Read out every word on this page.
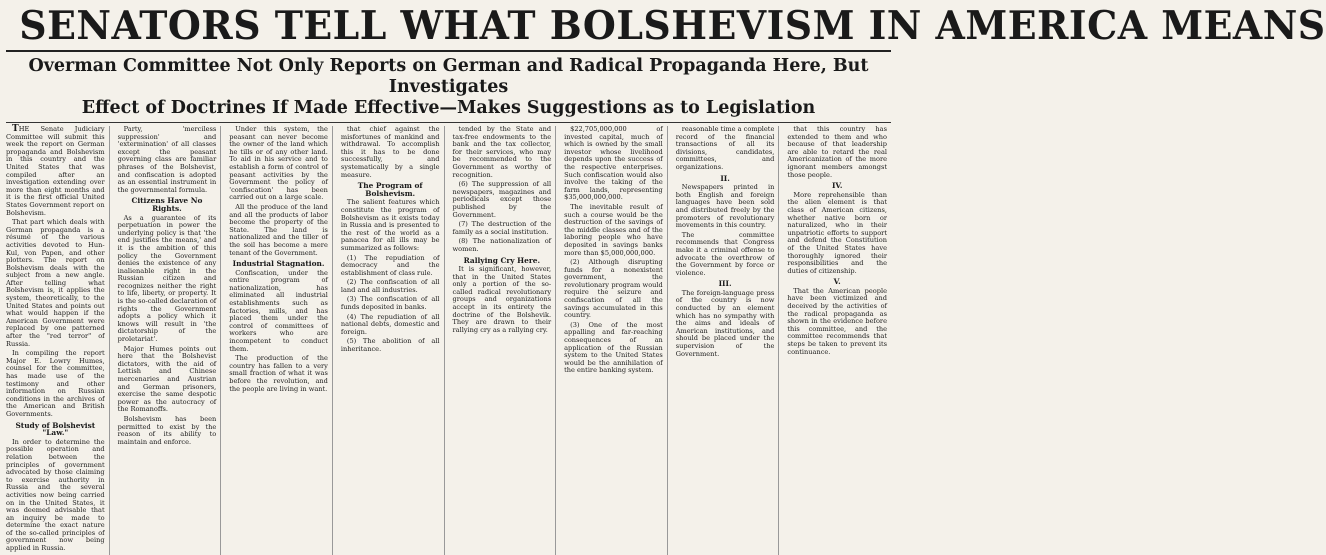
SENATORS TELL WHAT BOLSHEVISM IN AMERICA MEANS
Overman Committee Not Only Reports on German and Radical Propaganda Here, But Investigates
Effect of Doctrines If Made Effective—Makes Suggestions as to Legislation

THE Senate Judiciary Committee will submit this week the report on German propaganda and Bolshevism in this country and the United States that was compiled after an investigation extending over more than eight months and it is the first official United States Government report on Bolshevism.

That part which deals with German propaganda is a résumé of the various activities devoted to Hun-Kul, von Papen, and other plotters. The report on Bolshevism deals with the subject from a new angle. After telling what Bolshevism is, it applies the system, theoretically, to the United States and points out what would happen if the American Government were replaced by one patterned after the "red terror" of Russia.

In compiling the report Major E. Lowry Humes, counsel for the committee, has made use of the testimony and other information on Russian conditions in the archives of the American and British Governments.

Study of Bolshevist "Law."

In order to determine the possible operation and relation between the principles of government advocated by those claiming to exercise authority in Russia and the several activities now being carried on in the United States, it was deemed advisable that an inquiry be made to determine the exact nature of the so-called principles of government now being applied in Russia.

Party, 'merciless suppression' and 'extermination' of all classes except the peasant governing class are familiar phrases of the Bolshevist, and confiscation is adopted as an essential instrument in the governmental formula.

Citizens Have No Rights.

As a guarantee of its perpetuation in power the underlying policy is that 'the end justifies the means,' and it is the ambition of this policy the Government denies the existence of any inalienable right in the Russian citizen and recognizes neither the right to life, liberty, or property. It is the so-called declaration of rights the Government adopts a policy which it knows will result in 'the dictatorship of the proletariat'.

Major Humes points out here that the Bolshevist dictators, with the aid of Lettish and Chinese mercenaries and Austrian and German prisoners, exercise the same despotic power as the autocracy of the Romanoffs.

Bolshevism has been permitted to exist by the reason of its ability to maintain and enforce.

Under this system, the peasant can never become the owner of the land which he tills or of any other land. To aid in his service and to establish a form of control of peasant activities by the Government the policy of 'confiscation' has been carried out on a large scale.

All the produce of the land and all the products of labor become the property of the State. The land is nationalized and the tiller of the soil has become a mere tenant of the Government.

Industrial Stagnation.

Confiscation, under the entire program of nationalization, has eliminated all industrial establishments such as factories, mills, and has placed them under the control of committees of workers who are incompetent to conduct them.

The production of the country has fallen to a very small fraction of what it was before the revolution, and the people are living in want.

that chief against the misfortunes of mankind and withdrawal. To accomplish this it has to be done successfully, and systematically by a single measure.

The Program of Bolshevism.

The salient features which constitute the program of Bolshevism as it exists today in Russia and is presented to the rest of the world as a panacea for all ills may be summarized as follows:

(1) The repudiation of democracy and the establishment of class rule.

(2) The confiscation of all land and all industries.

(3) The confiscation of all funds deposited in banks.

(4) The repudiation of all national debts, domestic and foreign.

(5) The abolition of all inheritance.

tended by the State and tax-free endowments to the bank and the tax collector, for their services, who may be recommended to the Government as worthy of recognition.

(6) The suppression of all newspapers, magazines and periodicals except those published by the Government.

(7) The destruction of the family as a social institution.

(8) The nationalization of women.

Rallying Cry Here.

It is significant, however, that in the United States only a portion of the so-called radical revolutionary groups and organizations accept in its entirety the doctrine of the Bolshevik. They are drawn to their rallying cry as a rallying cry.

$22,705,000,000 of invested capital, much of which is owned by the small investor whose livelihood depends upon the success of the respective enterprises. Such confiscation would also involve the taking of the farm lands, representing $35,000,000,000.

The inevitable result of such a course would be the destruction of the savings of the middle classes and of the laboring people who have deposited in savings banks more than $5,000,000,000.

(2) Although disrupting funds for a nonexistent government, the revolutionary program would require the seizure and confiscation of all the savings accumulated in this country.

(3) One of the most appalling and far-reaching consequences of an application of the Russian system to the United States would be the annihilation of the entire banking system.

reasonable time a complete record of the financial transactions of all its divisions, candidates, committees, and organizations.

II.

Newspapers printed in both English and foreign languages have been sold and distributed freely by the promoters of revolutionary movements in this country.

The committee recommends that Congress make it a criminal offense to advocate the overthrow of the Government by force or violence.

III.

The foreign-language press of the country is now conducted by an element which has no sympathy with the aims and ideals of American institutions, and should be placed under the supervision of the Government.

that this country has extended to them and who because of that leadership are able to retard the real Americanization of the more ignorant members amongst those people.

IV.

More reprehensible than the alien element is that class of American citizens, whether native born or naturalized, who in their unpatriotic efforts to support and defend the Constitution of the United States have thoroughly ignored their responsibilities and the duties of citizenship.

V.

That the American people have been victimized and deceived by the activities of the radical propaganda as shown in the evidence before this committee, and the committee recommends that steps be taken to prevent its continuance.
